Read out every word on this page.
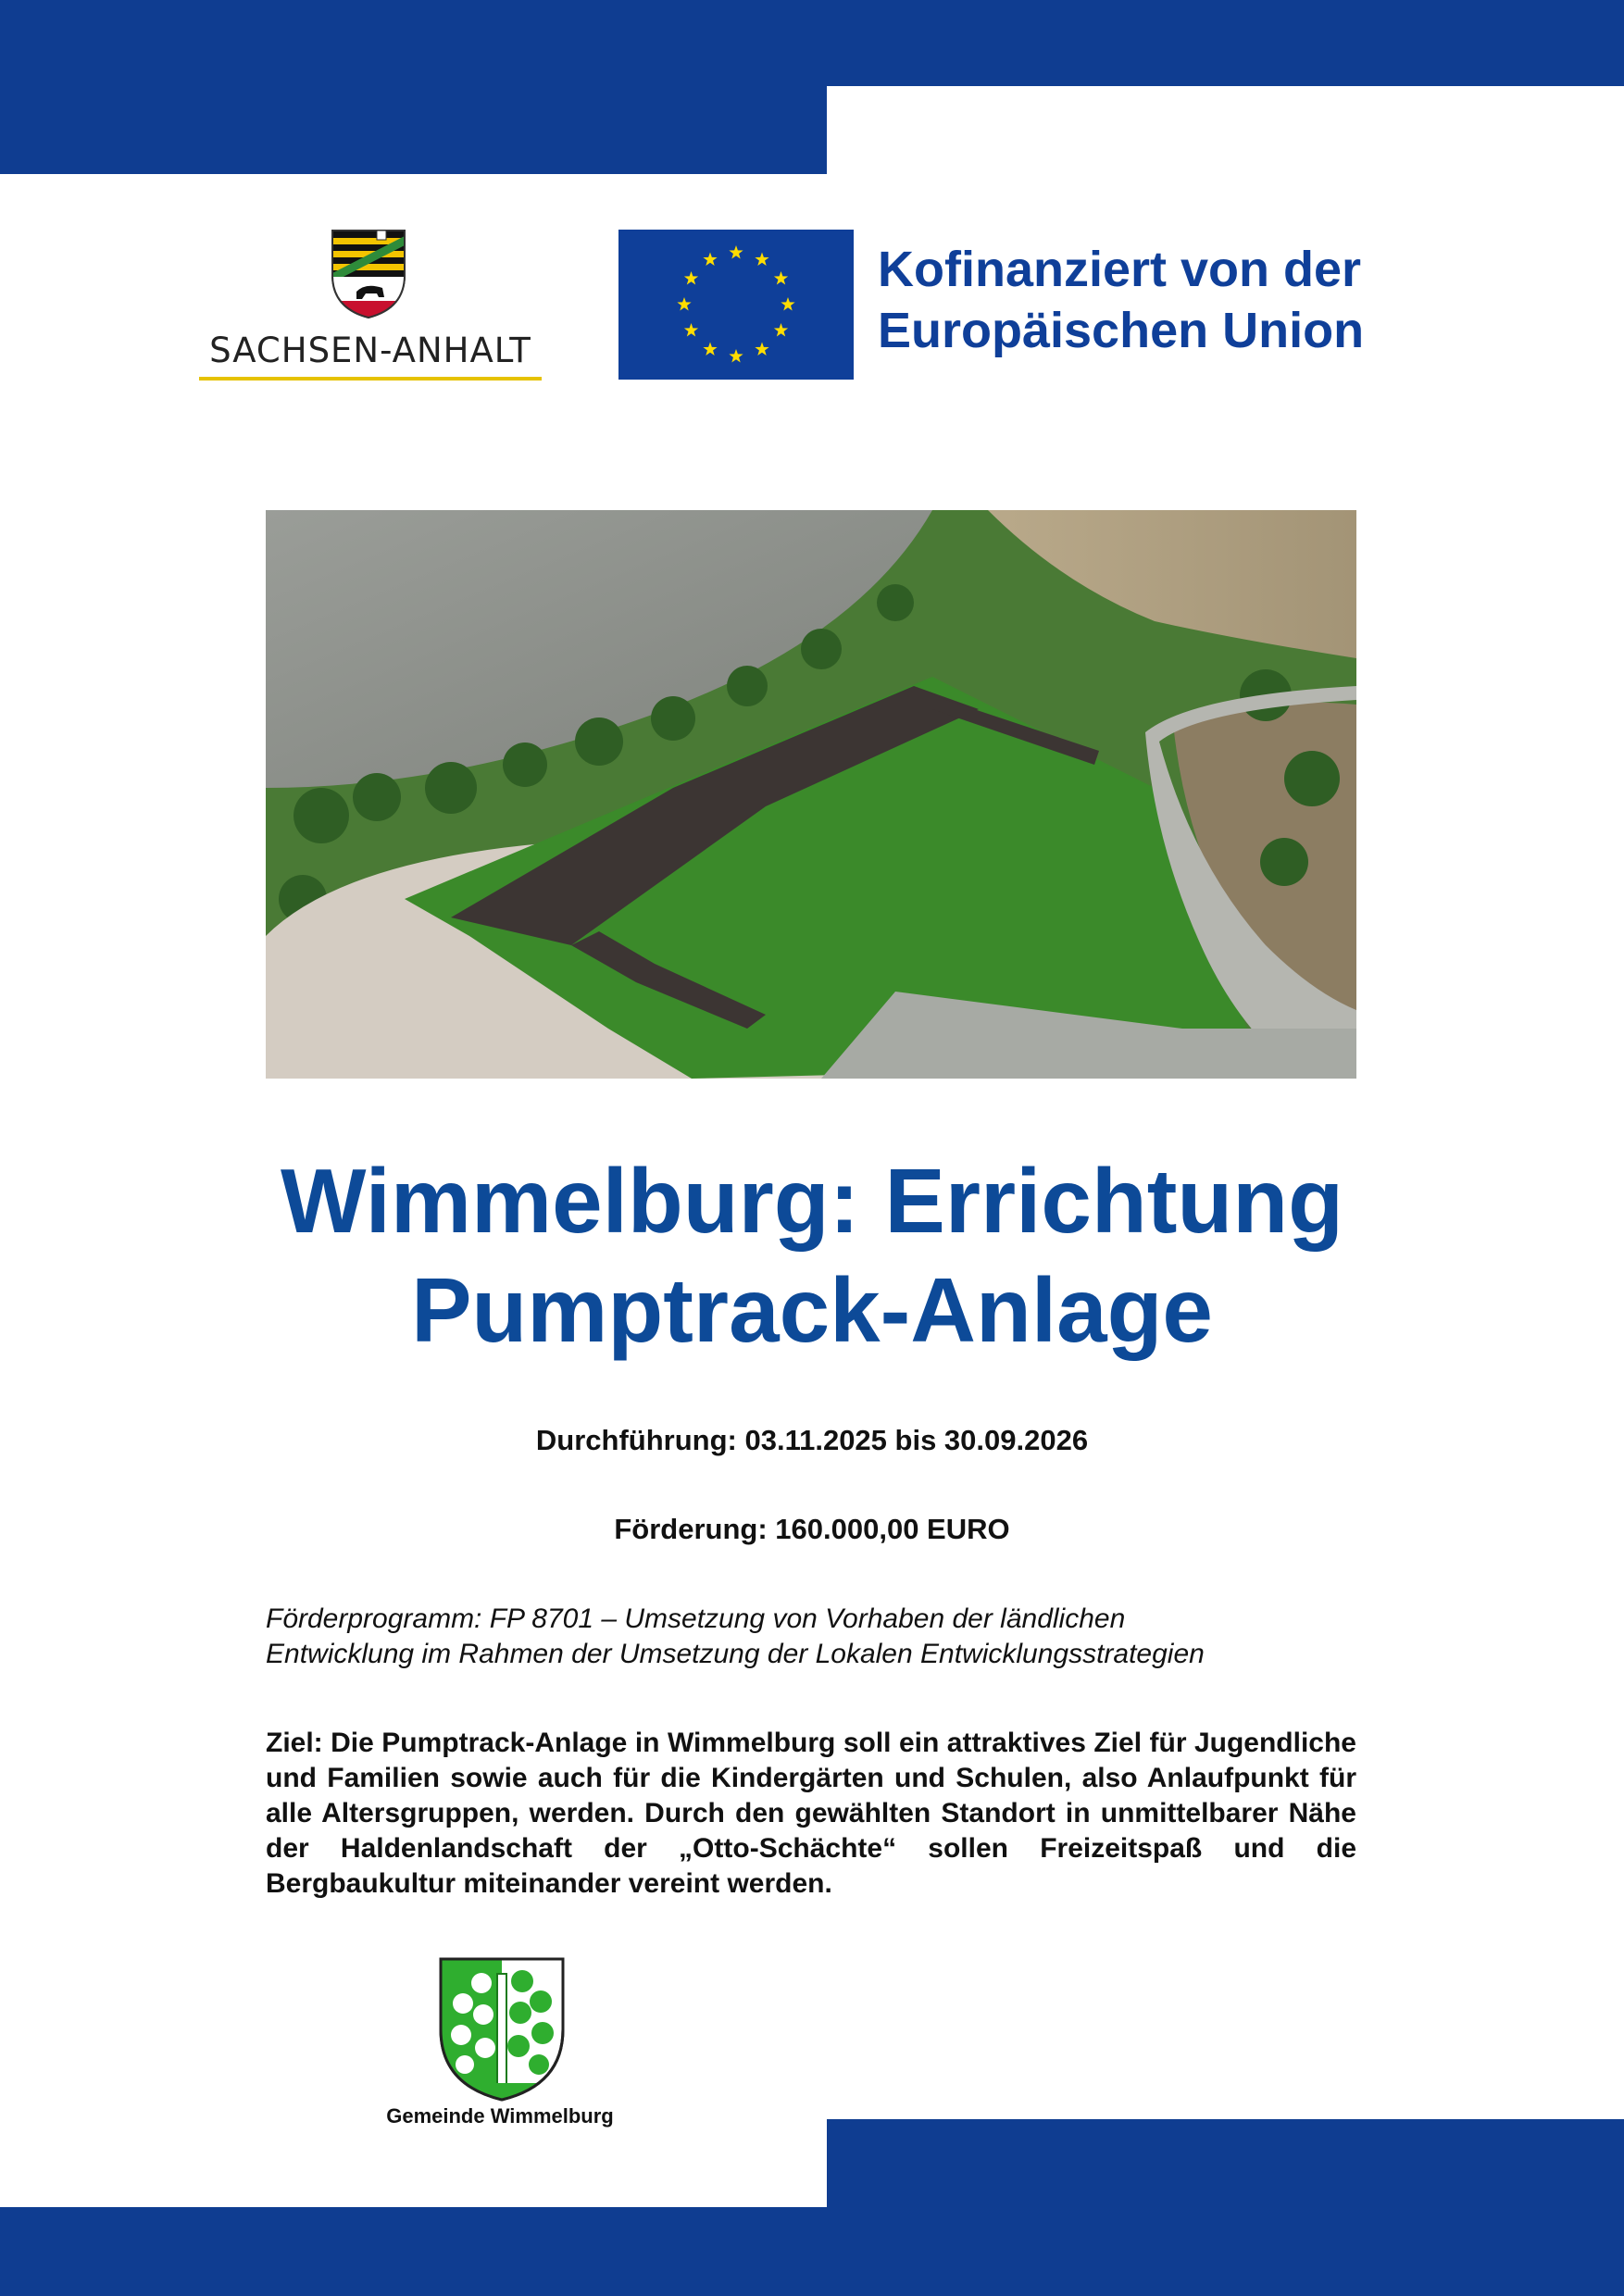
SACHSEN-ANHALT
Kofinanziert von der
Europäischen Union
Wimmelburg: Errichtung
Pumptrack-Anlage
Durchführung: 03.11.2025 bis 30.09.2026
Förderung: 160.000,00 EURO
Förderprogramm: FP 8701 – Umsetzung von Vorhaben der ländlichen
Entwicklung im Rahmen der Umsetzung der Lokalen Entwicklungsstrategien
Ziel: Die Pumptrack-Anlage in Wimmelburg soll ein attraktives Ziel für Jugendliche und Familien sowie auch für die Kindergärten und Schulen, also Anlaufpunkt für alle Altersgruppen, werden. Durch den gewählten Standort in unmittelbarer Nähe der Haldenlandschaft der „Otto-Schächte“ sollen Freizeitspaß und die Bergbaukultur miteinander vereint werden.
Gemeinde Wimmelburg
